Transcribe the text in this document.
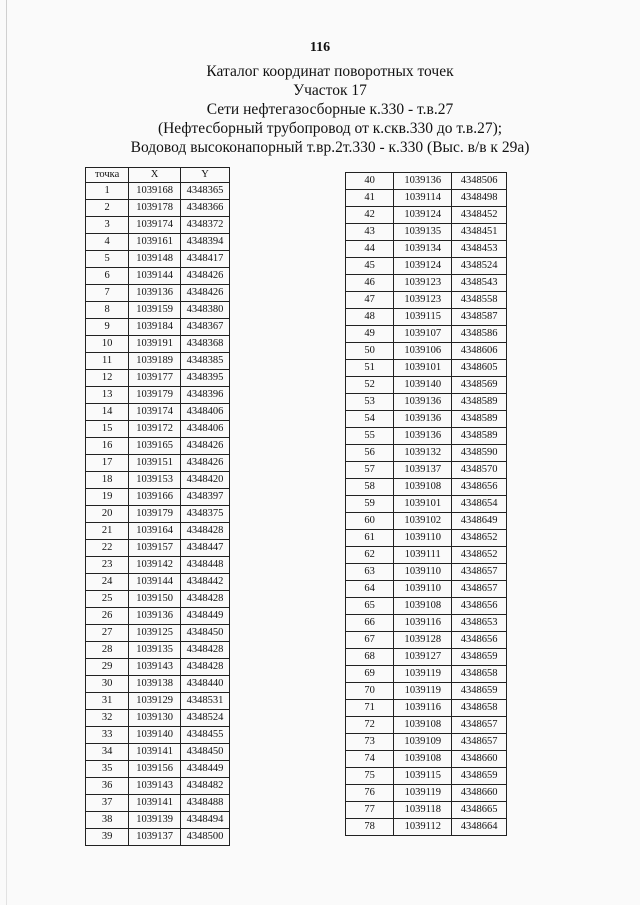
116
Каталог координат поворотных точек
Участок 17
Сети нефтегазосборные к.330 - т.в.27
(Нефтесборный трубопровод от к.скв.330 до т.в.27);
Водовод высоконапорный т.вр.2т.330 - к.330 (Выс. в/в к 29а)
точка	X	Y
1	1039168	4348365
2	1039178	4348366
3	1039174	4348372
4	1039161	4348394
5	1039148	4348417
6	1039144	4348426
7	1039136	4348426
8	1039159	4348380
9	1039184	4348367
10	1039191	4348368
11	1039189	4348385
12	1039177	4348395
13	1039179	4348396
14	1039174	4348406
15	1039172	4348406
16	1039165	4348426
17	1039151	4348426
18	1039153	4348420
19	1039166	4348397
20	1039179	4348375
21	1039164	4348428
22	1039157	4348447
23	1039142	4348448
24	1039144	4348442
25	1039150	4348428
26	1039136	4348449
27	1039125	4348450
28	1039135	4348428
29	1039143	4348428
30	1039138	4348440
31	1039129	4348531
32	1039130	4348524
33	1039140	4348455
34	1039141	4348450
35	1039156	4348449
36	1039143	4348482
37	1039141	4348488
38	1039139	4348494
39	1039137	4348500
40	1039136	4348506
41	1039114	4348498
42	1039124	4348452
43	1039135	4348451
44	1039134	4348453
45	1039124	4348524
46	1039123	4348543
47	1039123	4348558
48	1039115	4348587
49	1039107	4348586
50	1039106	4348606
51	1039101	4348605
52	1039140	4348569
53	1039136	4348589
54	1039136	4348589
55	1039136	4348589
56	1039132	4348590
57	1039137	4348570
58	1039108	4348656
59	1039101	4348654
60	1039102	4348649
61	1039110	4348652
62	1039111	4348652
63	1039110	4348657
64	1039110	4348657
65	1039108	4348656
66	1039116	4348653
67	1039128	4348656
68	1039127	4348659
69	1039119	4348658
70	1039119	4348659
71	1039116	4348658
72	1039108	4348657
73	1039109	4348657
74	1039108	4348660
75	1039115	4348659
76	1039119	4348660
77	1039118	4348665
78	1039112	4348664
